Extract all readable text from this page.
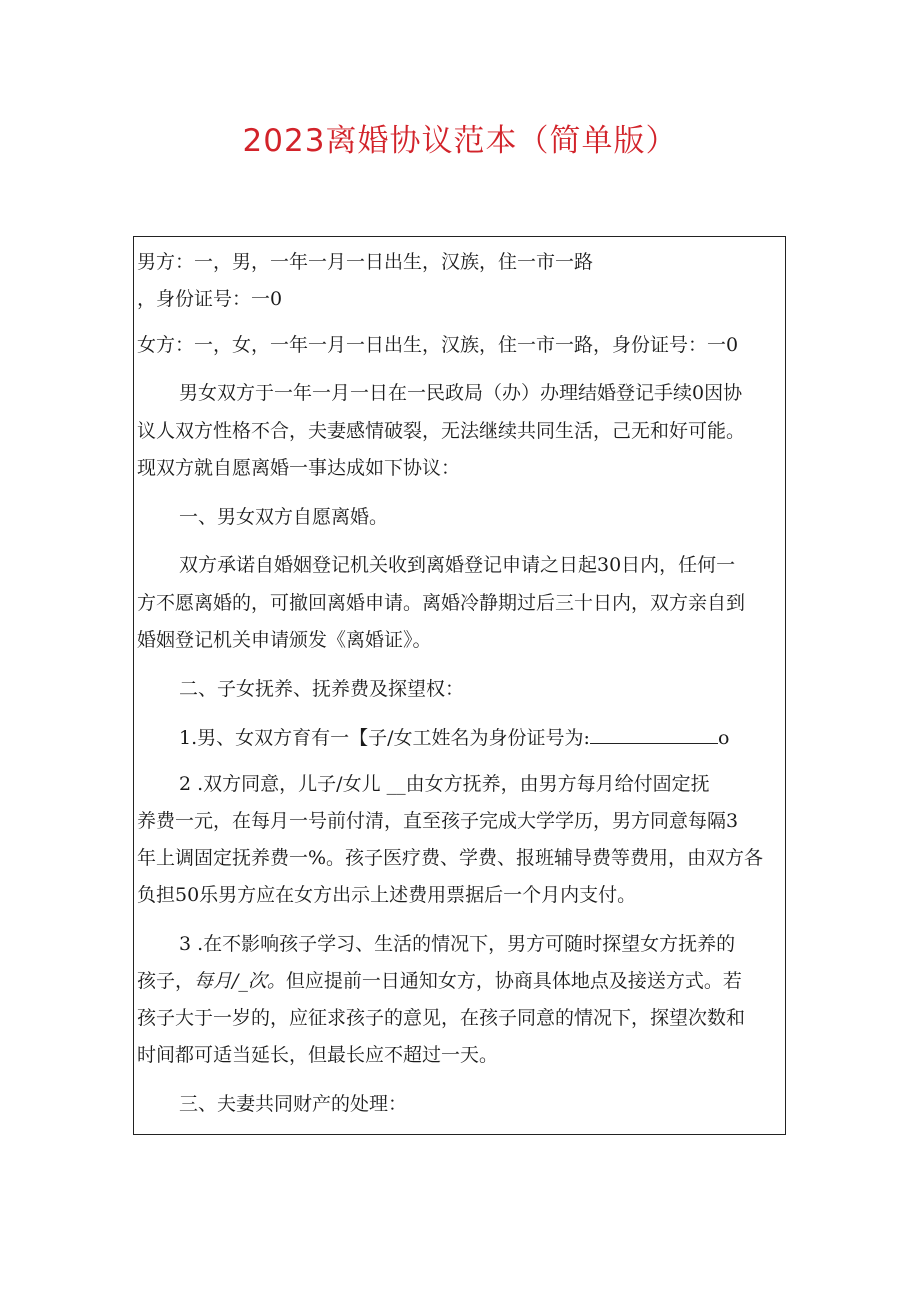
2023离婚协议范本（简单版）

男方：一，男，一年一月一日出生，汉族，住一市一路

，身份证号：一0

女方：一，女，一年一月一日出生，汉族，住一市一路，身份证号：一0

男女双方于一年一月一日在一民政局（办）办理结婚登记手续0因协

议人双方性格不合，夫妻感情破裂，无法继续共同生活，己无和好可能。

现双方就自愿离婚一事达成如下协议：

一、男女双方自愿离婚。

双方承诺自婚姻登记机关收到离婚登记申请之日起30日内，任何一

方不愿离婚的，可撤回离婚申请。离婚冷静期过后三十日内，双方亲自到

婚姻登记机关申请颁发《离婚证》。

二、子女抚养、抚养费及探望权：

1.男、女双方育有一【子/女工姓名为身份证号为:	o

2 .双方同意，儿子/女儿 __由女方抚养，由男方每月给付固定抚

养费一元，在每月一号前付清，直至孩子完成大学学历，男方同意每隔3

年上调固定抚养费一%。孩子医疗费、学费、报班辅导费等费用，由双方各

负担50乐男方应在女方出示上述费用票据后一个月内支付。

3 .在不影响孩子学习、生活的情况下，男方可随时探望女方抚养的

孩子，每月/_次。但应提前一日通知女方，协商具体地点及接送方式。若

孩子大于一岁的，应征求孩子的意见，在孩子同意的情况下，探望次数和

时间都可适当延长，但最长应不超过一天。

三、夫妻共同财产的处理：
